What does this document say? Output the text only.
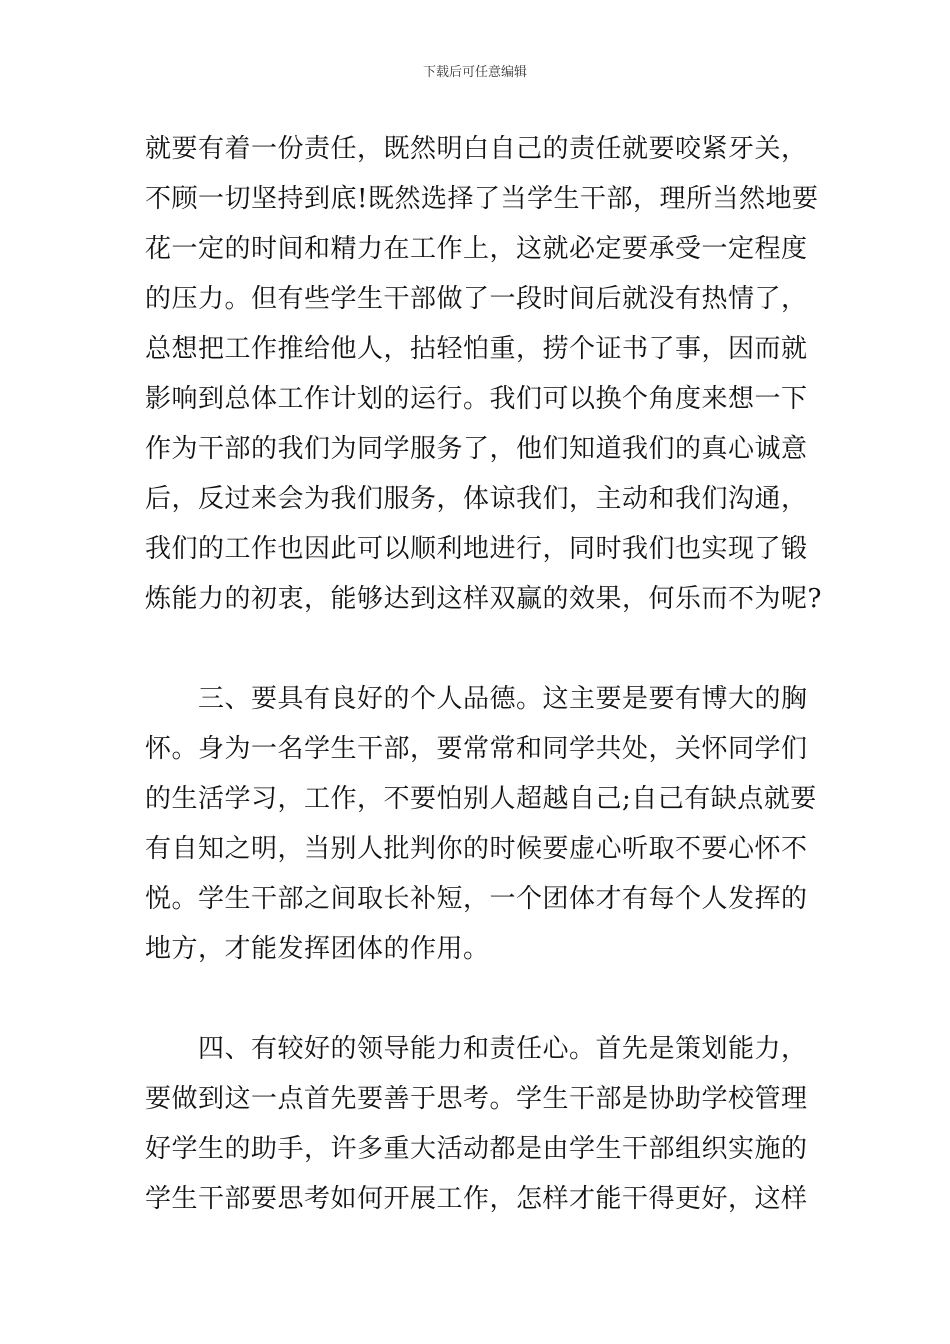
下载后可任意编辑
就要有着一份责任，既然明白自己的责任就要咬紧牙关，
不顾一切坚持到底!既然选择了当学生干部，理所当然地要
花一定的时间和精力在工作上，这就必定要承受一定程度
的压力。但有些学生干部做了一段时间后就没有热情了，
总想把工作推给他人，拈轻怕重，捞个证书了事，因而就
影响到总体工作计划的运行。我们可以换个角度来想一下
作为干部的我们为同学服务了，他们知道我们的真心诚意
后，反过来会为我们服务，体谅我们，主动和我们沟通，
我们的工作也因此可以顺利地进行，同时我们也实现了锻
炼能力的初衷，能够达到这样双赢的效果，何乐而不为呢?
三、要具有良好的个人品德。这主要是要有博大的胸
怀。身为一名学生干部，要常常和同学共处，关怀同学们
的生活学习，工作，不要怕别人超越自己;自己有缺点就要
有自知之明，当别人批判你的时候要虚心听取不要心怀不
悦。学生干部之间取长补短，一个团体才有每个人发挥的
地方，才能发挥团体的作用。
四、有较好的领导能力和责任心。首先是策划能力，
要做到这一点首先要善于思考。学生干部是协助学校管理
好学生的助手，许多重大活动都是由学生干部组织实施的
学生干部要思考如何开展工作，怎样才能干得更好，这样
